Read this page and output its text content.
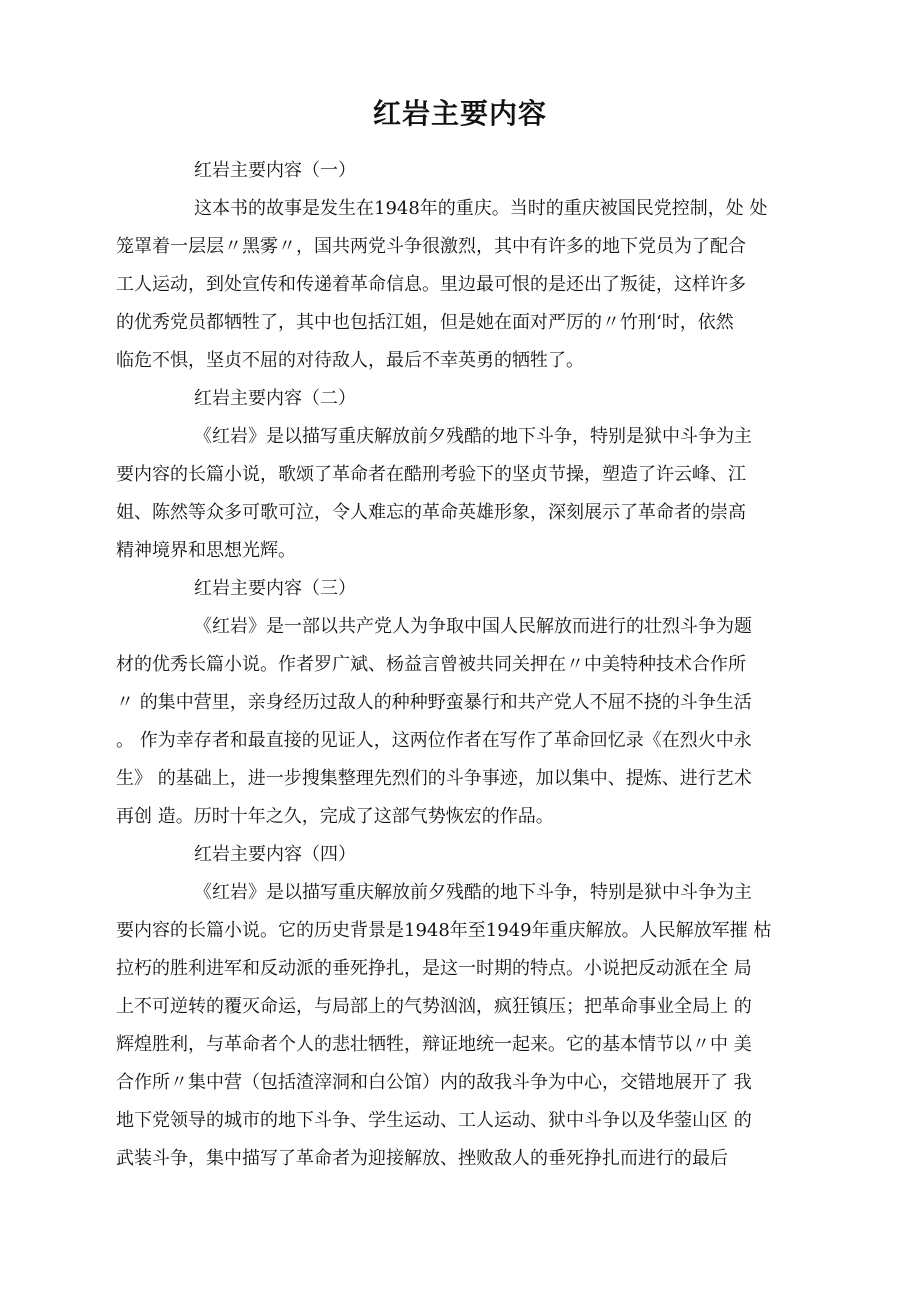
红岩主要内容

红岩主要内容（一）

这本书的故事是发生在1948年的重庆。当时的重庆被国民党控制，处 处
笼罩着一层层〃黑雾〃，国共两党斗争很激烈，其中有许多的地下党员为了配合
工人运动，到处宣传和传递着革命信息。里边最可恨的是还出了叛徒，这样许多
的优秀党员都牺牲了，其中也包括江姐，但是她在面对严厉的〃竹刑‘时，依然
临危不惧，坚贞不屈的对待敌人，最后不幸英勇的牺牲了。

红岩主要内容（二）

《红岩》是以描写重庆解放前夕残酷的地下斗争，特别是狱中斗争为主
要内容的长篇小说，歌颂了革命者在酷刑考验下的坚贞节操，塑造了许云峰、江
姐、陈然等众多可歌可泣，令人难忘的革命英雄形象，深刻展示了革命者的崇高
精神境界和思想光辉。

红岩主要内容（三）

《红岩》是一部以共产党人为争取中国人民解放而进行的壮烈斗争为题
材的优秀长篇小说。作者罗广斌、杨益言曾被共同关押在〃中美特种技术合作所
〃 的集中营里，亲身经历过敌人的种种野蛮暴行和共产党人不屈不挠的斗争生活
。 作为幸存者和最直接的见证人，这两位作者在写作了革命回忆录《在烈火中永
生》 的基础上，进一步搜集整理先烈们的斗争事迹，加以集中、提炼、进行艺术
再创 造。历时十年之久，完成了这部气势恢宏的作品。

红岩主要内容（四）

《红岩》是以描写重庆解放前夕残酷的地下斗争，特别是狱中斗争为主
要内容的长篇小说。它的历史背景是1948年至1949年重庆解放。人民解放军摧 枯
拉朽的胜利进军和反动派的垂死挣扎，是这一时期的特点。小说把反动派在全 局
上不可逆转的覆灭命运，与局部上的气势汹汹，疯狂镇压；把革命事业全局上 的
辉煌胜利，与革命者个人的悲壮牺牲，辩证地统一起来。它的基本情节以〃中 美
合作所〃集中营（包括渣滓洞和白公馆）内的敌我斗争为中心，交错地展开了 我
地下党领导的城市的地下斗争、学生运动、工人运动、狱中斗争以及华蓥山区 的
武装斗争，集中描写了革命者为迎接解放、挫败敌人的垂死挣扎而进行的最后
